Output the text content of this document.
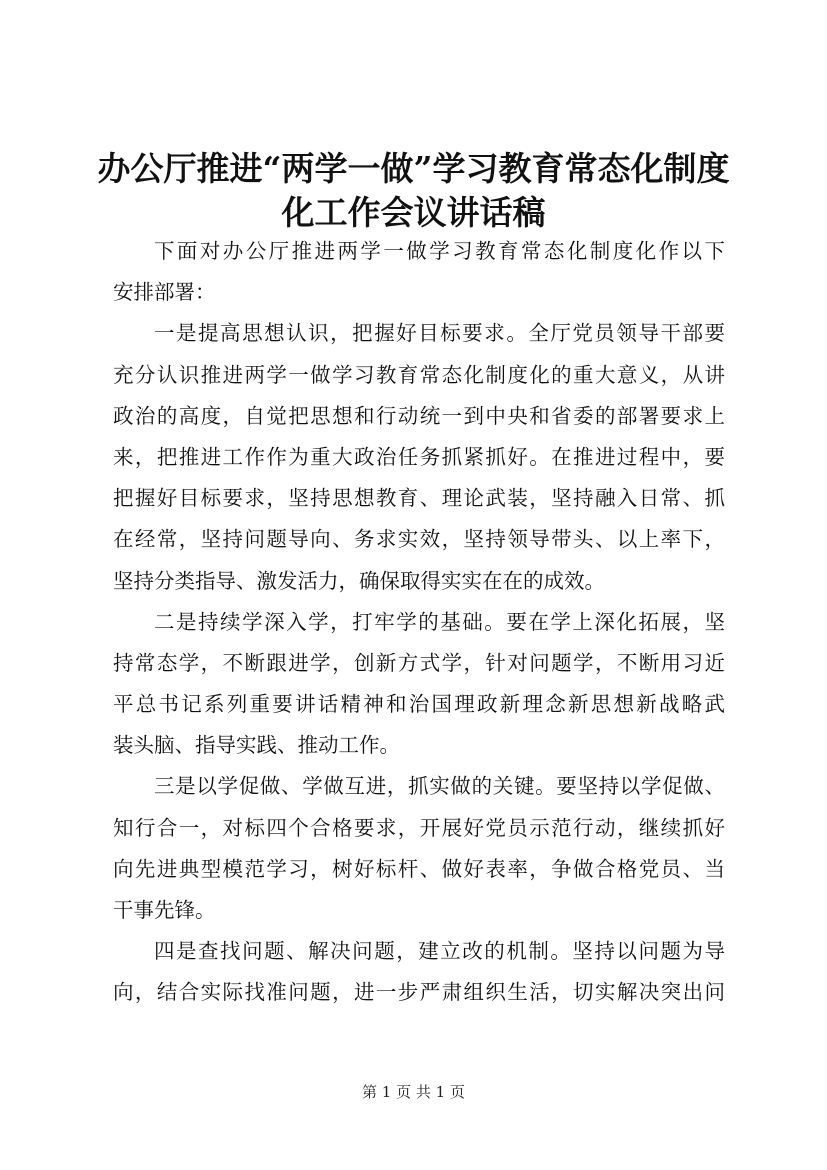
办公厅推进“两学一做”学习教育常态化制度
化工作会议讲话稿
下面对办公厅推进两学一做学习教育常态化制度化作以下
安排部署：
一是提高思想认识，把握好目标要求。全厅党员领导干部要
充分认识推进两学一做学习教育常态化制度化的重大意义，从讲
政治的高度，自觉把思想和行动统一到中央和省委的部署要求上
来，把推进工作作为重大政治任务抓紧抓好。在推进过程中，要
把握好目标要求，坚持思想教育、理论武装，坚持融入日常、抓
在经常，坚持问题导向、务求实效，坚持领导带头、以上率下，
坚持分类指导、激发活力，确保取得实实在在的成效。
二是持续学深入学，打牢学的基础。要在学上深化拓展，坚
持常态学，不断跟进学，创新方式学，针对问题学，不断用习近
平总书记系列重要讲话精神和治国理政新理念新思想新战略武
装头脑、指导实践、推动工作。
三是以学促做、学做互进，抓实做的关键。要坚持以学促做、
知行合一，对标四个合格要求，开展好党员示范行动，继续抓好
向先进典型模范学习，树好标杆、做好表率，争做合格党员、当
干事先锋。
四是查找问题、解决问题，建立改的机制。坚持以问题为导
向，结合实际找准问题，进一步严肃组织生活，切实解决突出问
第 1 页 共 1 页
